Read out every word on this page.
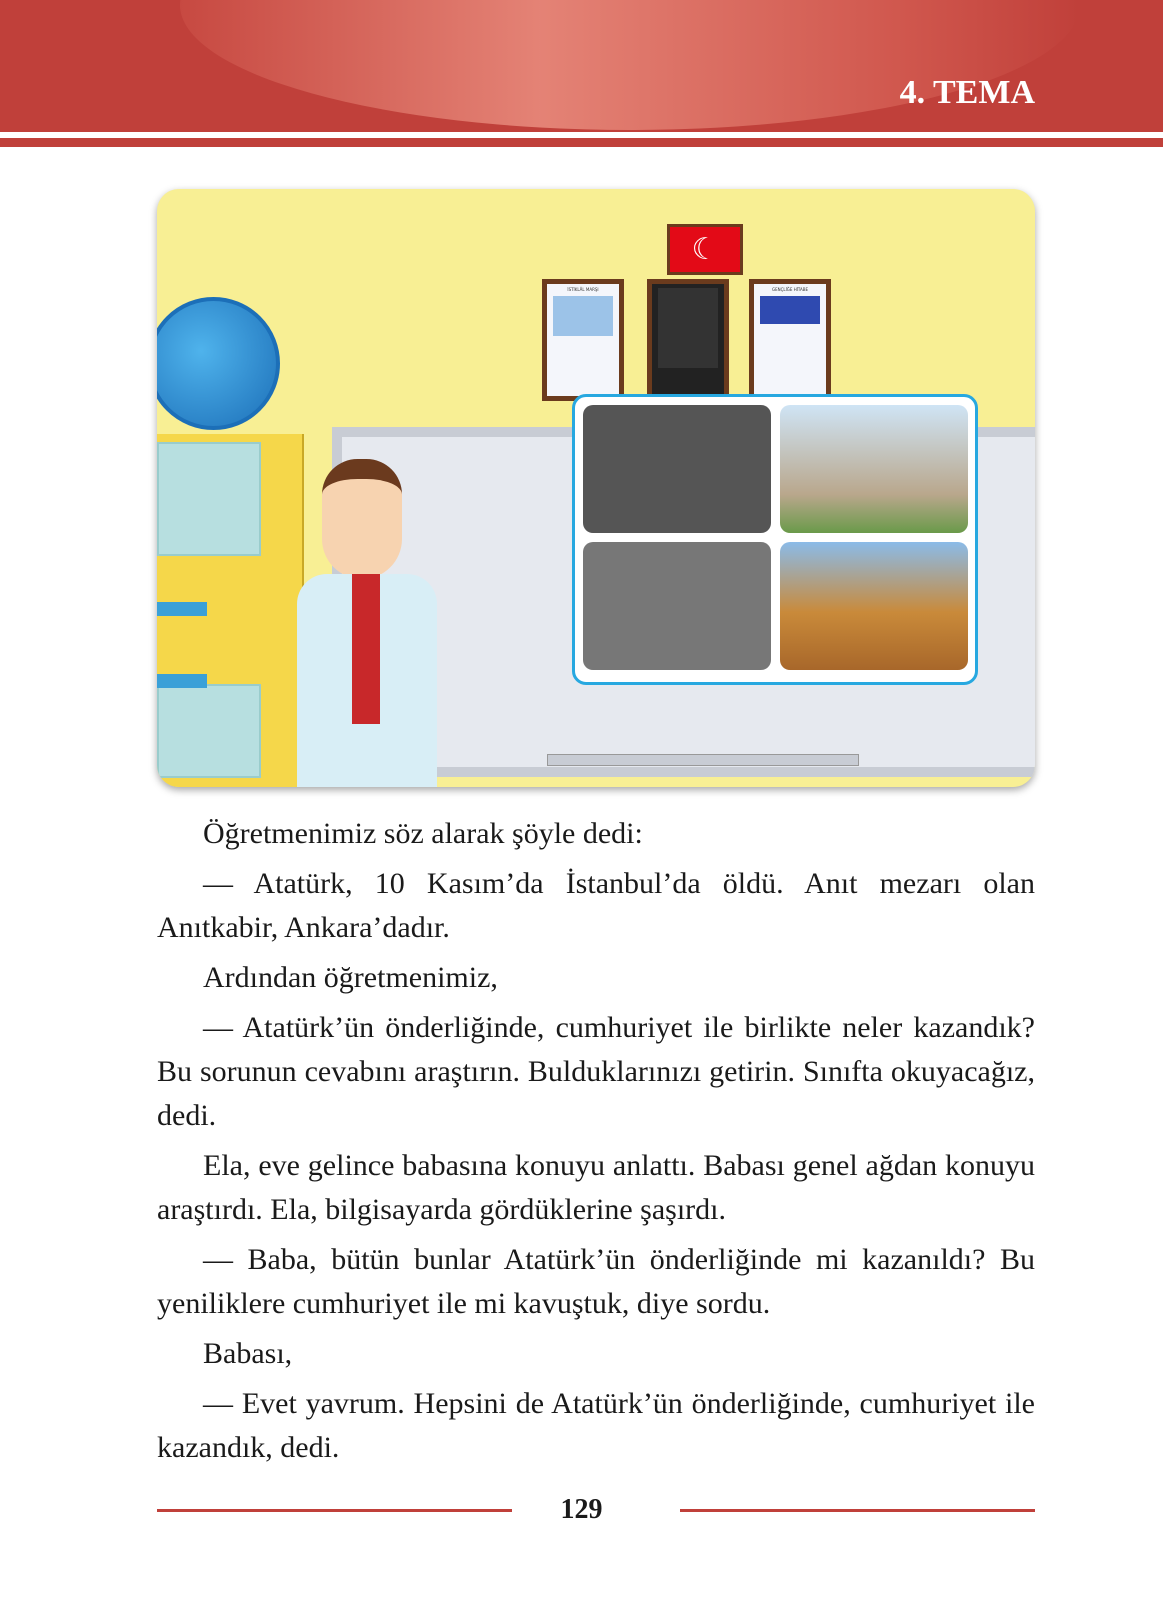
4. TEMA
☾
İSTİKLÂL MARŞI	GENÇLİĞE HİTABE

Öğretmenimiz söz alarak şöyle dedi:

— Atatürk, 10 Kasım’da İstanbul’da öldü. Anıt mezarı olan Anıtkabir, Ankara’dadır.

Ardından öğretmenimiz,

— Atatürk’ün önderliğinde, cumhuriyet ile birlikte neler kazandık? Bu sorunun cevabını araştırın. Bulduklarınızı getirin. Sınıfta okuyacağız, dedi.

Ela, eve gelince babasına konuyu anlattı. Babası genel ağdan konuyu araştırdı. Ela, bilgisayarda gördüklerine şaşırdı.

— Baba, bütün bunlar Atatürk’ün önderliğinde mi kazanıldı? Bu yeniliklere cumhuriyet ile mi kavuştuk, diye sordu.

Babası,

— Evet yavrum. Hepsini de Atatürk’ün önderliğinde, cumhuriyet ile kazandık, dedi.

129
